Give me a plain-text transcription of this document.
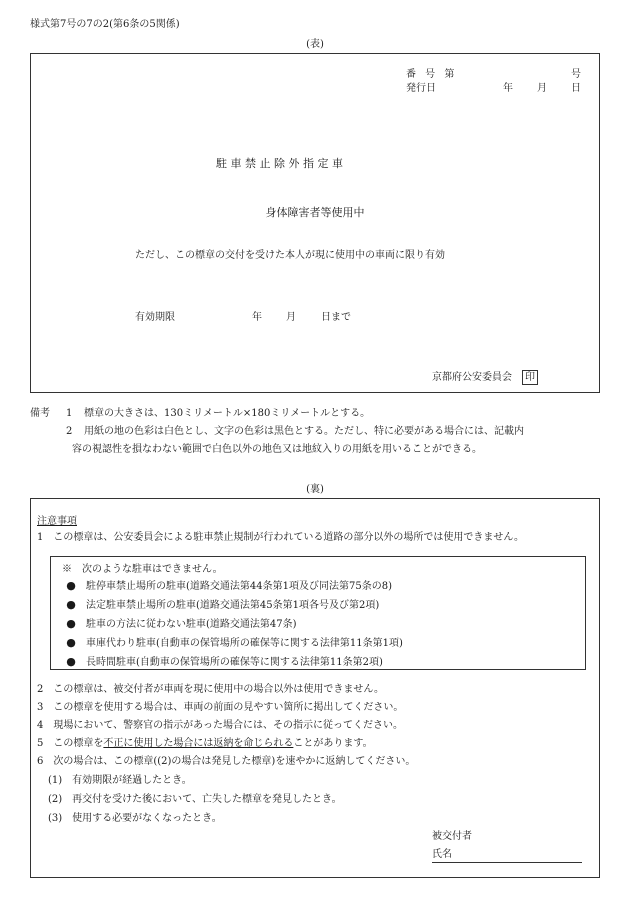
様式第7号の7の2(第6条の5関係)
(表)
番 号 第	号
発行日	年 月 日
駐 車 禁 止 除 外 指 定 車
身体障害者等使用中
ただし、この標章の交付を受けた本人が現に使用中の車両に限り有効
有効期限	年 月	日まで
京都府公安委員会 印
備考 1 標章の大きさは、130ミリメートル×180ミリメートルとする。
2 用紙の地の色彩は白色とし、文字の色彩は黒色とする。ただし、特に必要がある場合には、記載内
容の視認性を損なわない範囲で白色以外の地色又は地紋入りの用紙を用いることができる。
(裏)
注意事項
1　この標章は、公安委員会による駐車禁止規制が行われている道路の部分以外の場所では使用できません。
※　次のような駐車はできません。
● 駐停車禁止場所の駐車(道路交通法第44条第1項及び同法第75条の8)
● 法定駐車禁止場所の駐車(道路交通法第45条第1項各号及び第2項)
● 駐車の方法に従わない駐車(道路交通法第47条)
● 車庫代わり駐車(自動車の保管場所の確保等に関する法律第11条第1項)
● 長時間駐車(自動車の保管場所の確保等に関する法律第11条第2項)
2　この標章は、被交付者が車両を現に使用中の場合以外は使用できません。
3　この標章を使用する場合は、車両の前面の見やすい箇所に掲出してください。
4　現場において、警察官の指示があった場合には、その指示に従ってください。
5　この標章を不正に使用した場合には返納を命じられることがあります。
6　次の場合は、この標章((2)の場合は発見した標章)を速やかに返納してください。
(1)　有効期限が経過したとき。
(2)　再交付を受けた後において、亡失した標章を発見したとき。
(3)　使用する必要がなくなったとき。
被交付者
氏名
